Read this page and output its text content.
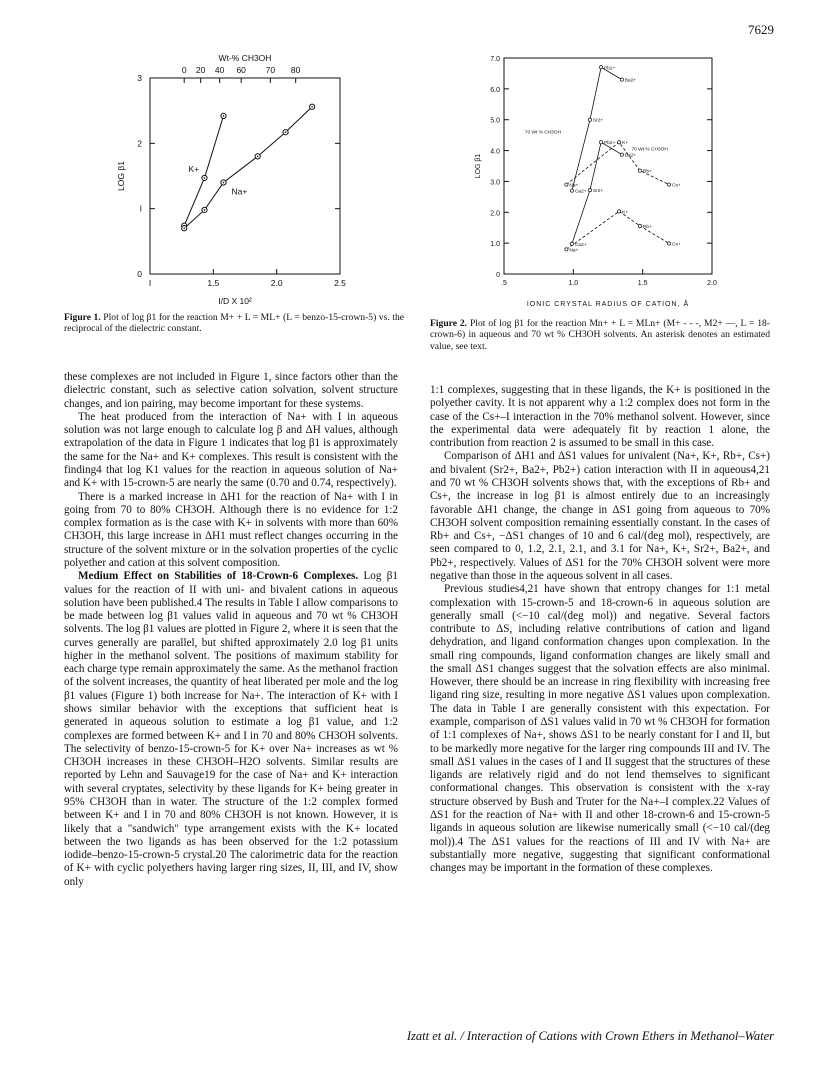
7629
Wt-% CH3OH
0 20 40 60 70 80
0
I
2
3
I	1.5	2.0	2.5
I/D X 10²
LOG β1	K+
Na+
Figure 1. Plot of log β1 for the reaction M+ + L = ML+ (L = benzo-15-crown-5) vs. the reciprocal of the dielectric constant.
0
1.0
2.0
3.0
4.0
5.0
6.0
7.0
.5	1.0	1.5	2.0
IONIC CRYSTAL RADIUS OF CATION, Å
LOG β1
Na+
K+
Rb+
Cs+
Ca2+
Sr2+
Pb2+
Ba2+
Na+
K+
Rb+
Cs+
Ca2+
Sr2+
Pb2+
Ba2+
70 Wt % CH3OH
70 Wt % CH3OH
Figure 2. Plot of log β1 for the reaction Mn+ + L = MLn+ (M+ - - -, M2+ —, L = 18-crown-6) in aqueous and 70 wt % CH3OH solvents. An asterisk denotes an estimated value, see text.

these complexes are not included in Figure 1, since factors other than the dielectric constant, such as selective cation solvation, solvent structure changes, and ion pairing, may become important for these systems.

The heat produced from the interaction of Na+ with I in aqueous solution was not large enough to calculate log β and ΔH values, although extrapolation of the data in Figure 1 indicates that log β1 is approximately the same for the Na+ and K+ complexes. This result is consistent with the finding4 that log K1 values for the reaction in aqueous solution of Na+ and K+ with 15-crown-5 are nearly the same (0.70 and 0.74, respectively).

There is a marked increase in ΔH1 for the reaction of Na+ with I in going from 70 to 80% CH3OH. Although there is no evidence for 1:2 complex formation as is the case with K+ in solvents with more than 60% CH3OH, this large increase in ΔH1 must reflect changes occurring in the structure of the solvent mixture or in the solvation properties of the cyclic polyether and cation at this solvent composition.

Medium Effect on Stabilities of 18-Crown-6 Complexes. Log β1 values for the reaction of II with uni- and bivalent cations in aqueous solution have been published.4 The results in Table I allow comparisons to be made between log β1 values valid in aqueous and 70 wt % CH3OH solvents. The log β1 values are plotted in Figure 2, where it is seen that the curves generally are parallel, but shifted approximately 2.0 log β1 units higher in the methanol solvent. The positions of maximum stability for each charge type remain approximately the same. As the methanol fraction of the solvent increases, the quantity of heat liberated per mole and the log β1 values (Figure 1) both increase for Na+. The interaction of K+ with I shows similar behavior with the exceptions that sufficient heat is generated in aqueous solution to estimate a log β1 value, and 1:2 complexes are formed between K+ and I in 70 and 80% CH3OH solvents. The selectivity of benzo-15-crown-5 for K+ over Na+ increases as wt % CH3OH increases in these CH3OH–H2O solvents. Similar results are reported by Lehn and Sauvage19 for the case of Na+ and K+ interaction with several cryptates, selectivity by these ligands for K+ being greater in 95% CH3OH than in water. The structure of the 1:2 complex formed between K+ and I in 70 and 80% CH3OH is not known. However, it is likely that a "sandwich" type arrangement exists with the K+ located between the two ligands as has been observed for the 1:2 potassium iodide–benzo-15-crown-5 crystal.20 The calorimetric data for the reaction of K+ with cyclic polyethers having larger ring sizes, II, III, and IV, show only

1:1 complexes, suggesting that in these ligands, the K+ is positioned in the polyether cavity. It is not apparent why a 1:2 complex does not form in the case of the Cs+–I interaction in the 70% methanol solvent. However, since the experimental data were adequately fit by reaction 1 alone, the contribution from reaction 2 is assumed to be small in this case.

Comparison of ΔH1 and ΔS1 values for univalent (Na+, K+, Rb+, Cs+) and bivalent (Sr2+, Ba2+, Pb2+) cation interaction with II in aqueous4,21 and 70 wt % CH3OH solvents shows that, with the exceptions of Rb+ and Cs+, the increase in log β1 is almost entirely due to an increasingly favorable ΔH1 change, the change in ΔS1 going from aqueous to 70% CH3OH solvent composition remaining essentially constant. In the cases of Rb+ and Cs+, −ΔS1 changes of 10 and 6 cal/(deg mol), respectively, are seen compared to 0, 1.2, 2.1, 2.1, and 3.1 for Na+, K+, Sr2+, Ba2+, and Pb2+, respectively. Values of ΔS1 for the 70% CH3OH solvent were more negative than those in the aqueous solvent in all cases.

Previous studies4,21 have shown that entropy changes for 1:1 metal complexation with 15-crown-5 and 18-crown-6 in aqueous solution are generally small (<−10 cal/(deg mol)) and negative. Several factors contribute to ΔS, including relative contributions of cation and ligand dehydration, and ligand conformation changes upon complexation. In the small ring compounds, ligand conformation changes are likely small and the small ΔS1 changes suggest that the solvation effects are also minimal. However, there should be an increase in ring flexibility with increasing free ligand ring size, resulting in more negative ΔS1 values upon complexation. The data in Table I are generally consistent with this expectation. For example, comparison of ΔS1 values valid in 70 wt % CH3OH for formation of 1:1 complexes of Na+, shows ΔS1 to be nearly constant for I and II, but to be markedly more negative for the larger ring compounds III and IV. The small ΔS1 values in the cases of I and II suggest that the structures of these ligands are relatively rigid and do not lend themselves to significant conformational changes. This observation is consistent with the x-ray structure observed by Bush and Truter for the Na+–I complex.22 Values of ΔS1 for the reaction of Na+ with II and other 18-crown-6 and 15-crown-5 ligands in aqueous solution are likewise numerically small (<−10 cal/(deg mol)).4 The ΔS1 values for the reactions of III and IV with Na+ are substantially more negative, suggesting that significant conformational changes may be important in the formation of these complexes.

Izatt et al. / Interaction of Cations with Crown Ethers in Methanol–Water
